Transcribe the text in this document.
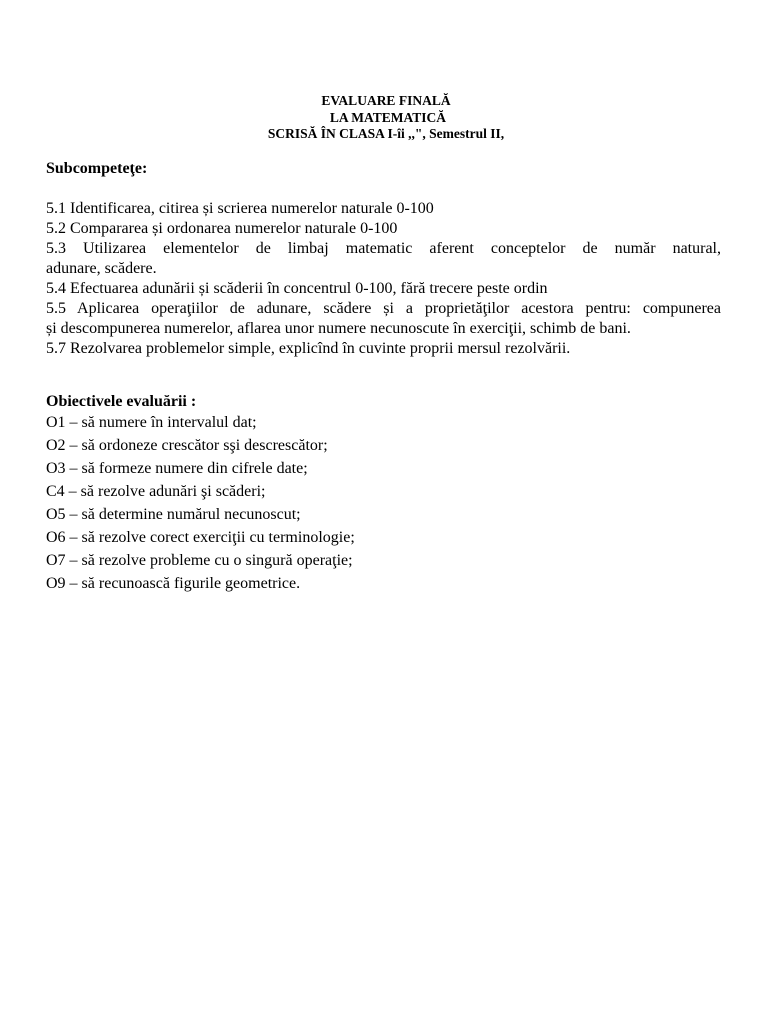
EVALUARE FINALĂ
LA MATEMATICĂ
SCRISĂ ÎN CLASA I-îi ,,", Semestrul II,
Subcompeteţe:
5.1 Identificarea, citirea și scrierea numerelor naturale 0-100
5.2 Compararea și ordonarea numerelor naturale 0-100
5.3 Utilizarea elementelor de limbaj matematic aferent conceptelor de număr natural,
adunare, scădere.
5.4 Efectuarea adunării și scăderii în concentrul 0-100, fără trecere peste ordin
5.5 Aplicarea operaţiilor de adunare, scădere și a proprietăţilor acestora pentru: compunerea
și descompunerea numerelor, aflarea unor numere necunoscute în exerciţii, schimb de bani.
5.7 Rezolvarea problemelor simple, explicînd în cuvinte proprii mersul rezolvării.
Obiectivele evaluării :
O1 – să numere în intervalul dat;
O2 – să ordoneze crescător sşi descrescător;
O3 – să formeze numere din cifrele date;
C4 – să rezolve adunări şi scăderi;
O5 – să determine numărul necunoscut;
O6 – să rezolve corect exerciţii cu terminologie;
O7 – să rezolve probleme cu o singură operaţie;
O9 – să recunoască figurile geometrice.
